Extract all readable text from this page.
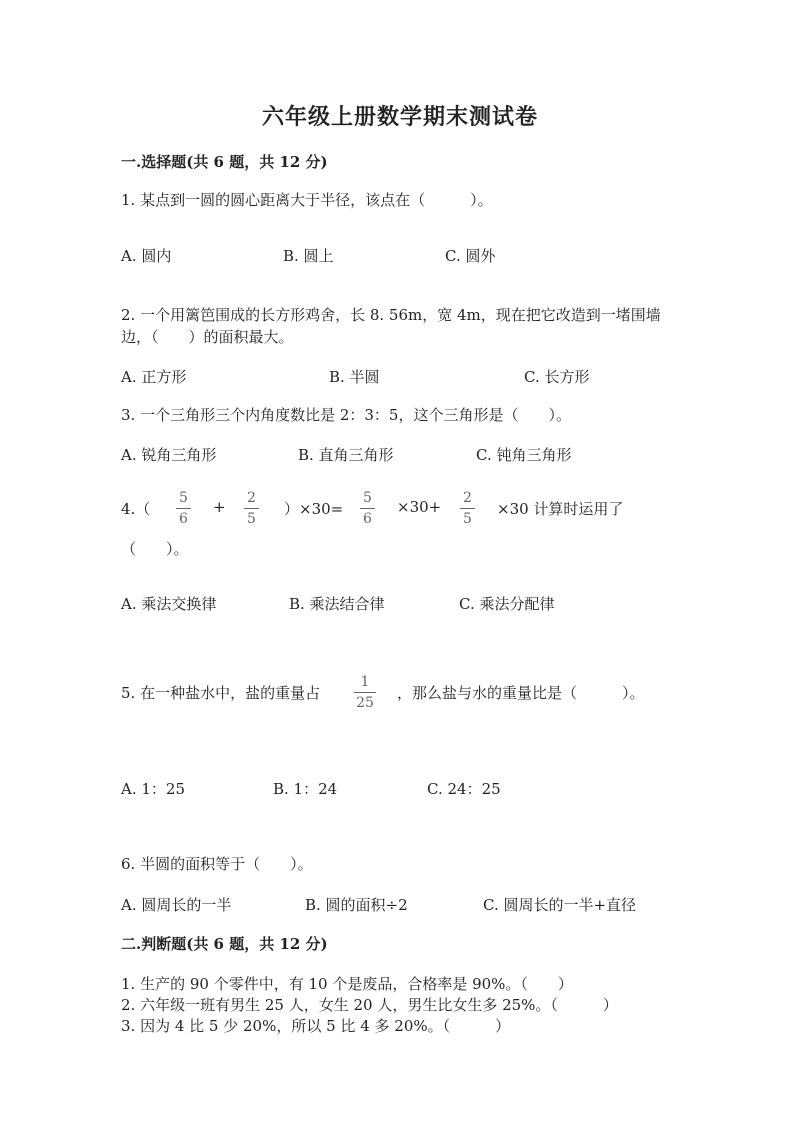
六年级上册数学期末测试卷
一.选择题(共 6 题，共 12 分)
1. 某点到一圆的圆心距离大于半径，该点在（　　　）。
A. 圆内	B. 圆上	C. 圆外
2. 一个用篱笆围成的长方形鸡舍，长 8. 56m，宽 4m，现在把它改造到一堵围墙
边，（　　）的面积最大。
A. 正方形	B. 半圆	C. 长方形
3. 一个三角形三个内角度数比是 2：3：5，这个三角形是（　　）。
A. 锐角三角形	B. 直角三角形	C. 钝角三角形
4.（
5
6
+ 2
5
）×30=
5
6
×30+ 2
5
×30 计算时运用了
（　　）。
A. 乘法交换律	B. 乘法结合律	C. 乘法分配律
5. 在一种盐水中，盐的重量占
1
25
，那么盐与水的重量比是（　　　）。
A. 1：25	B. 1：24	C. 24：25
6. 半圆的面积等于（　　）。
A. 圆周长的一半	B. 圆的面积÷2	C. 圆周长的一半+直径
二.判断题(共 6 题，共 12 分)
1. 生产的 90 个零件中，有 10 个是废品，合格率是 90%。（　　）
2. 六年级一班有男生 25 人，女生 20 人，男生比女生多 25%。（　　　）
3. 因为 4 比 5 少 20%，所以 5 比 4 多 20%。（　　　）
